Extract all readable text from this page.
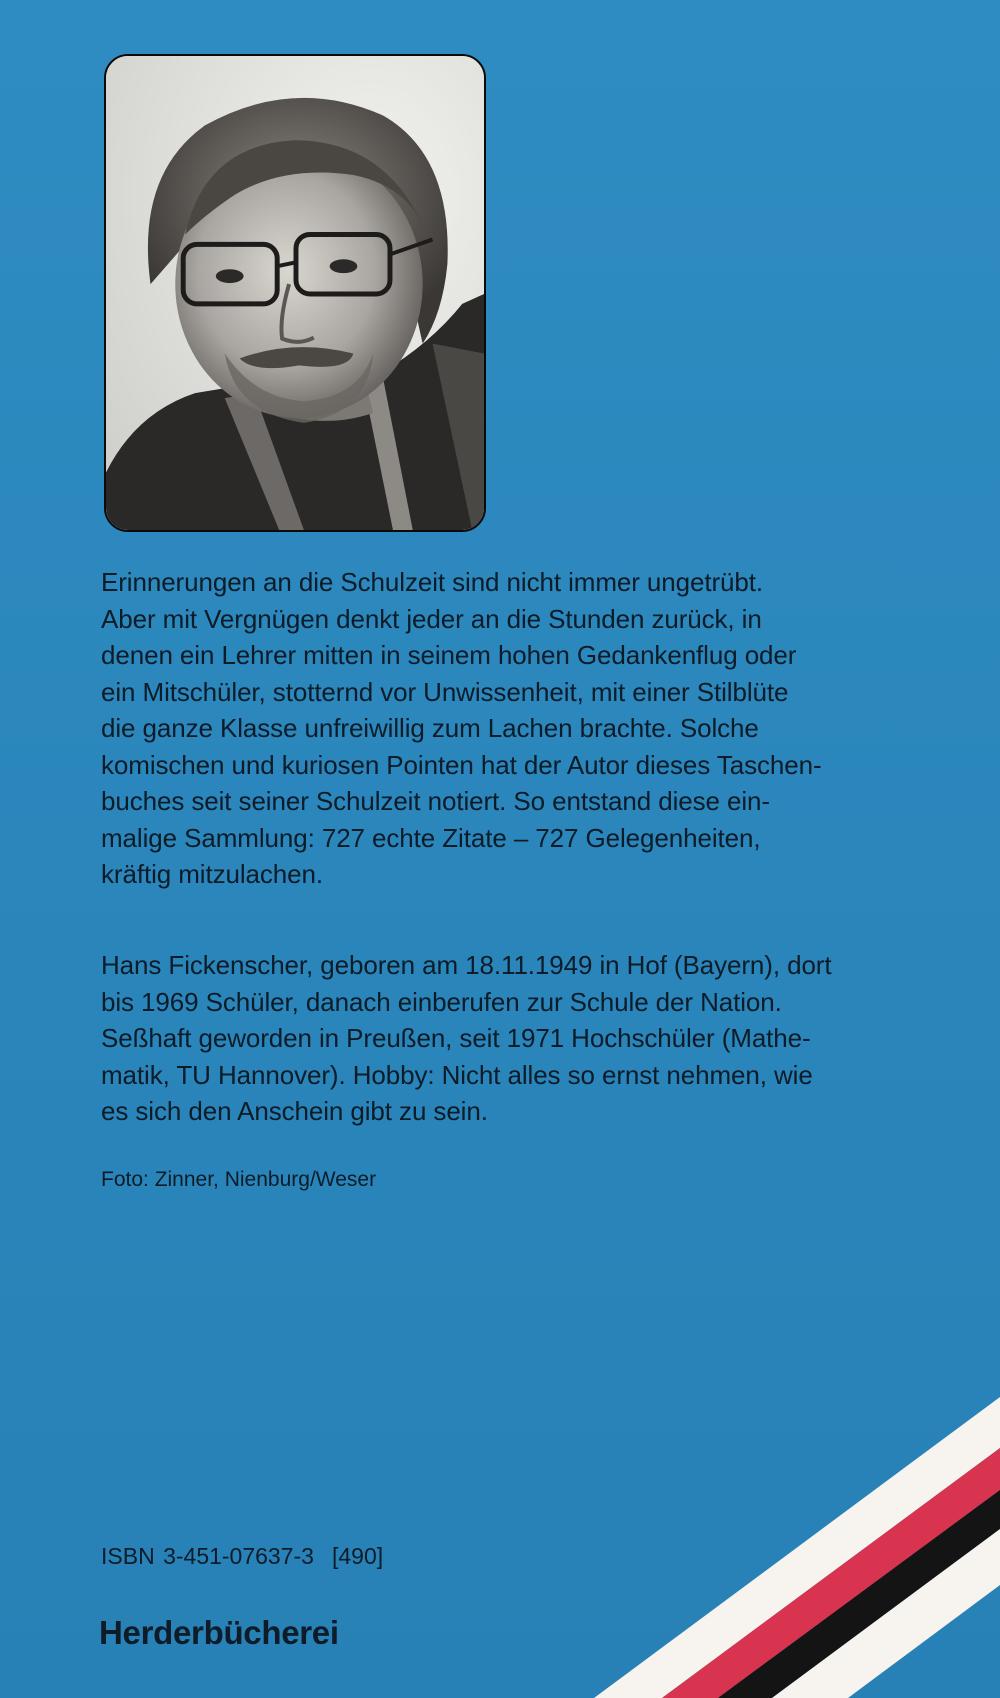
Erinnerungen an die Schulzeit sind nicht immer ungetrübt.
Aber mit Vergnügen denkt jeder an die Stunden zurück, in
denen ein Lehrer mitten in seinem hohen Gedankenflug oder
ein Mitschüler, stotternd vor Unwissenheit, mit einer Stilblüte
die ganze Klasse unfreiwillig zum Lachen brachte. Solche
komischen und kuriosen Pointen hat der Autor dieses Taschen-
buches seit seiner Schulzeit notiert. So entstand diese ein-
malige Sammlung: 727 echte Zitate – 727 Gelegenheiten,
kräftig mitzulachen.
Hans Fickenscher, geboren am 18.11.1949 in Hof (Bayern), dort
bis 1969 Schüler, danach einberufen zur Schule der Nation.
Seßhaft geworden in Preußen, seit 1971 Hochschüler (Mathe-
matik, TU Hannover). Hobby: Nicht alles so ernst nehmen, wie
es sich den Anschein gibt zu sein.

Foto: Zinner, Nienburg/Weser

ISBN 3-451-07637-3 [490]

Herderbücherei
